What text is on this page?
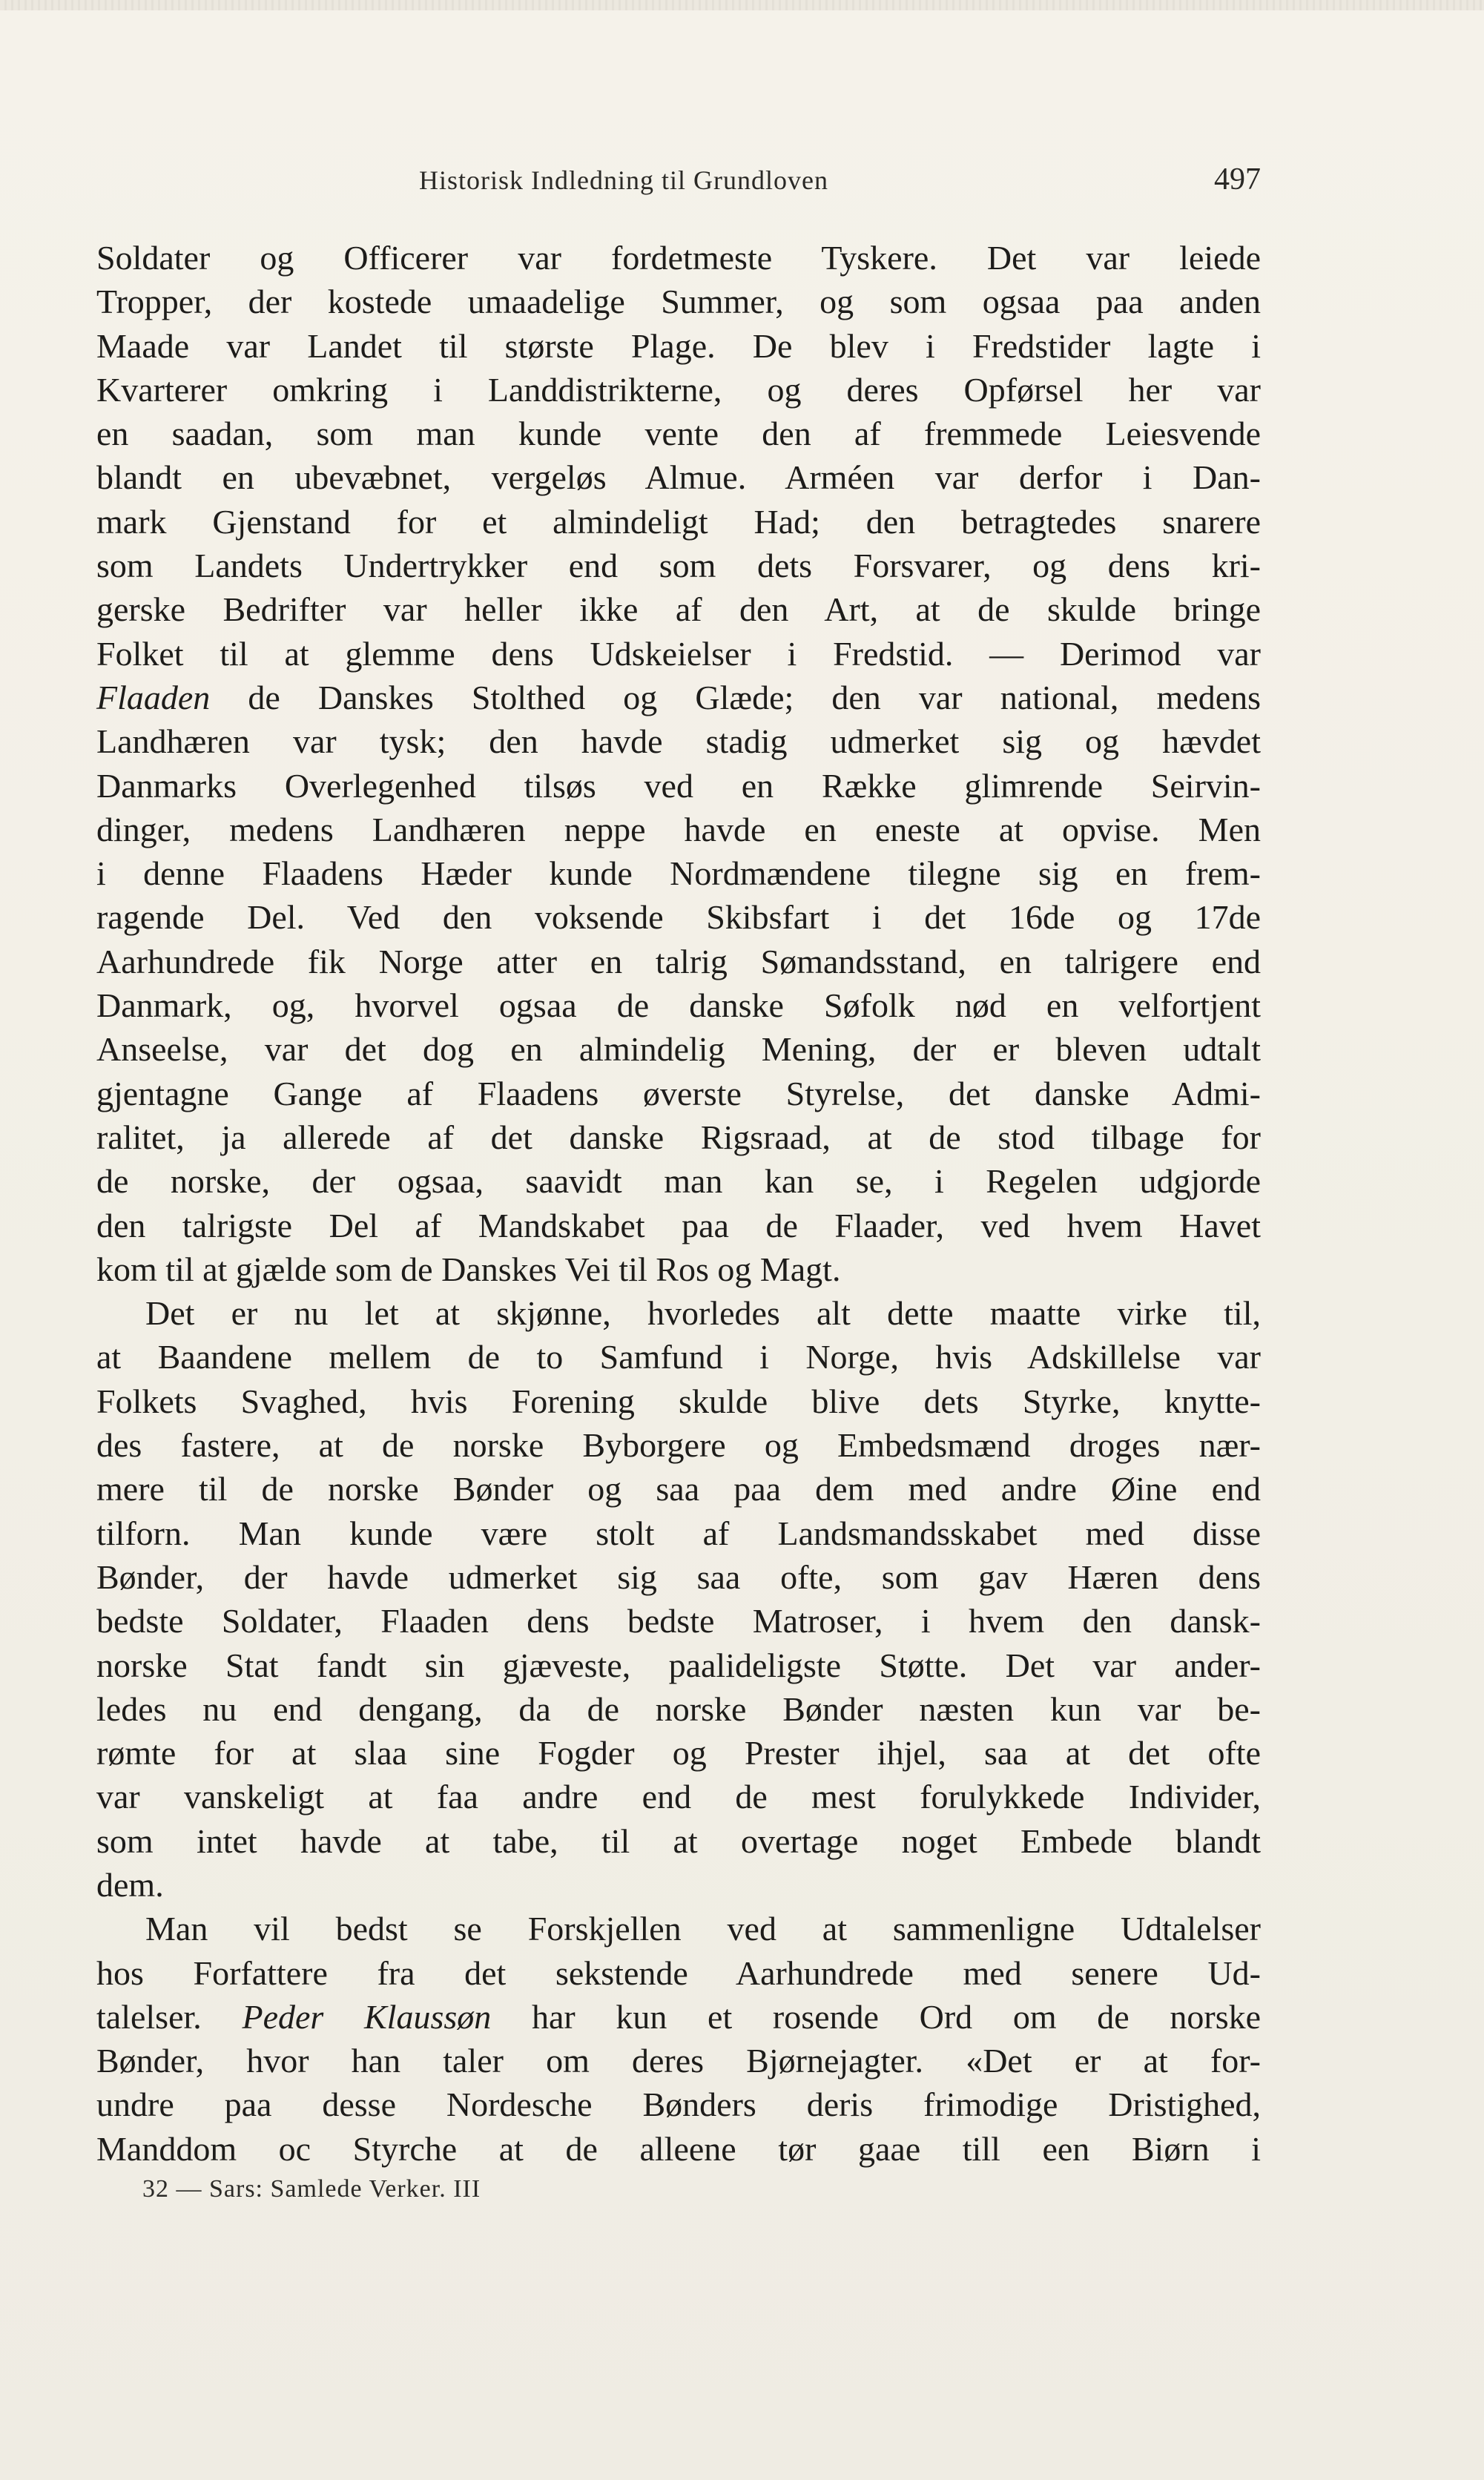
Historisk Indledning til Grundloven	497
Soldater og Officerer var fordetmeste Tyskere. Det var leiede
Tropper, der kostede umaadelige Summer, og som ogsaa paa anden
Maade var Landet til største Plage. De blev i Fredstider lagte i
Kvarterer omkring i Landdistrikterne, og deres Opførsel her var
en saadan, som man kunde vente den af fremmede Leiesvende
blandt en ubevæbnet, vergeløs Almue. Arméen var derfor i Dan-
mark Gjenstand for et almindeligt Had; den betragtedes snarere
som Landets Undertrykker end som dets Forsvarer, og dens kri-
gerske Bedrifter var heller ikke af den Art, at de skulde bringe
Folket til at glemme dens Udskeielser i Fredstid. — Derimod var
Flaaden de Danskes Stolthed og Glæde; den var national, medens
Landhæren var tysk; den havde stadig udmerket sig og hævdet
Danmarks Overlegenhed tilsøs ved en Række glimrende Seirvin-
dinger, medens Landhæren neppe havde en eneste at opvise. Men
i denne Flaadens Hæder kunde Nordmændene tilegne sig en frem-
ragende Del. Ved den voksende Skibsfart i det 16de og 17de
Aarhundrede fik Norge atter en talrig Sømandsstand, en talrigere end
Danmark, og, hvorvel ogsaa de danske Søfolk nød en velfortjent
Anseelse, var det dog en almindelig Mening, der er bleven udtalt
gjentagne Gange af Flaadens øverste Styrelse, det danske Admi-
ralitet, ja allerede af det danske Rigsraad, at de stod tilbage for
de norske, der ogsaa, saavidt man kan se, i Regelen udgjorde
den talrigste Del af Mandskabet paa de Flaader, ved hvem Havet
kom til at gjælde som de Danskes Vei til Ros og Magt.
Det er nu let at skjønne, hvorledes alt dette maatte virke til,
at Baandene mellem de to Samfund i Norge, hvis Adskillelse var
Folkets Svaghed, hvis Forening skulde blive dets Styrke, knytte-
des fastere, at de norske Byborgere og Embedsmænd droges nær-
mere til de norske Bønder og saa paa dem med andre Øine end
tilforn. Man kunde være stolt af Landsmandsskabet med disse
Bønder, der havde udmerket sig saa ofte, som gav Hæren dens
bedste Soldater, Flaaden dens bedste Matroser, i hvem den dansk-
norske Stat fandt sin gjæveste, paalideligste Støtte. Det var ander-
ledes nu end dengang, da de norske Bønder næsten kun var be-
rømte for at slaa sine Fogder og Prester ihjel, saa at det ofte
var vanskeligt at faa andre end de mest forulykkede Individer,
som intet havde at tabe, til at overtage noget Embede blandt
dem.
Man vil bedst se Forskjellen ved at sammenligne Udtalelser
hos Forfattere fra det sekstende Aarhundrede med senere Ud-
talelser. Peder Klaussøn har kun et rosende Ord om de norske
Bønder, hvor han taler om deres Bjørnejagter. «Det er at for-
undre paa desse Nordesche Bønders deris frimodige Dristighed,
Manddom oc Styrche at de alleene tør gaae till een Biørn i
32 — Sars: Samlede Verker. III
